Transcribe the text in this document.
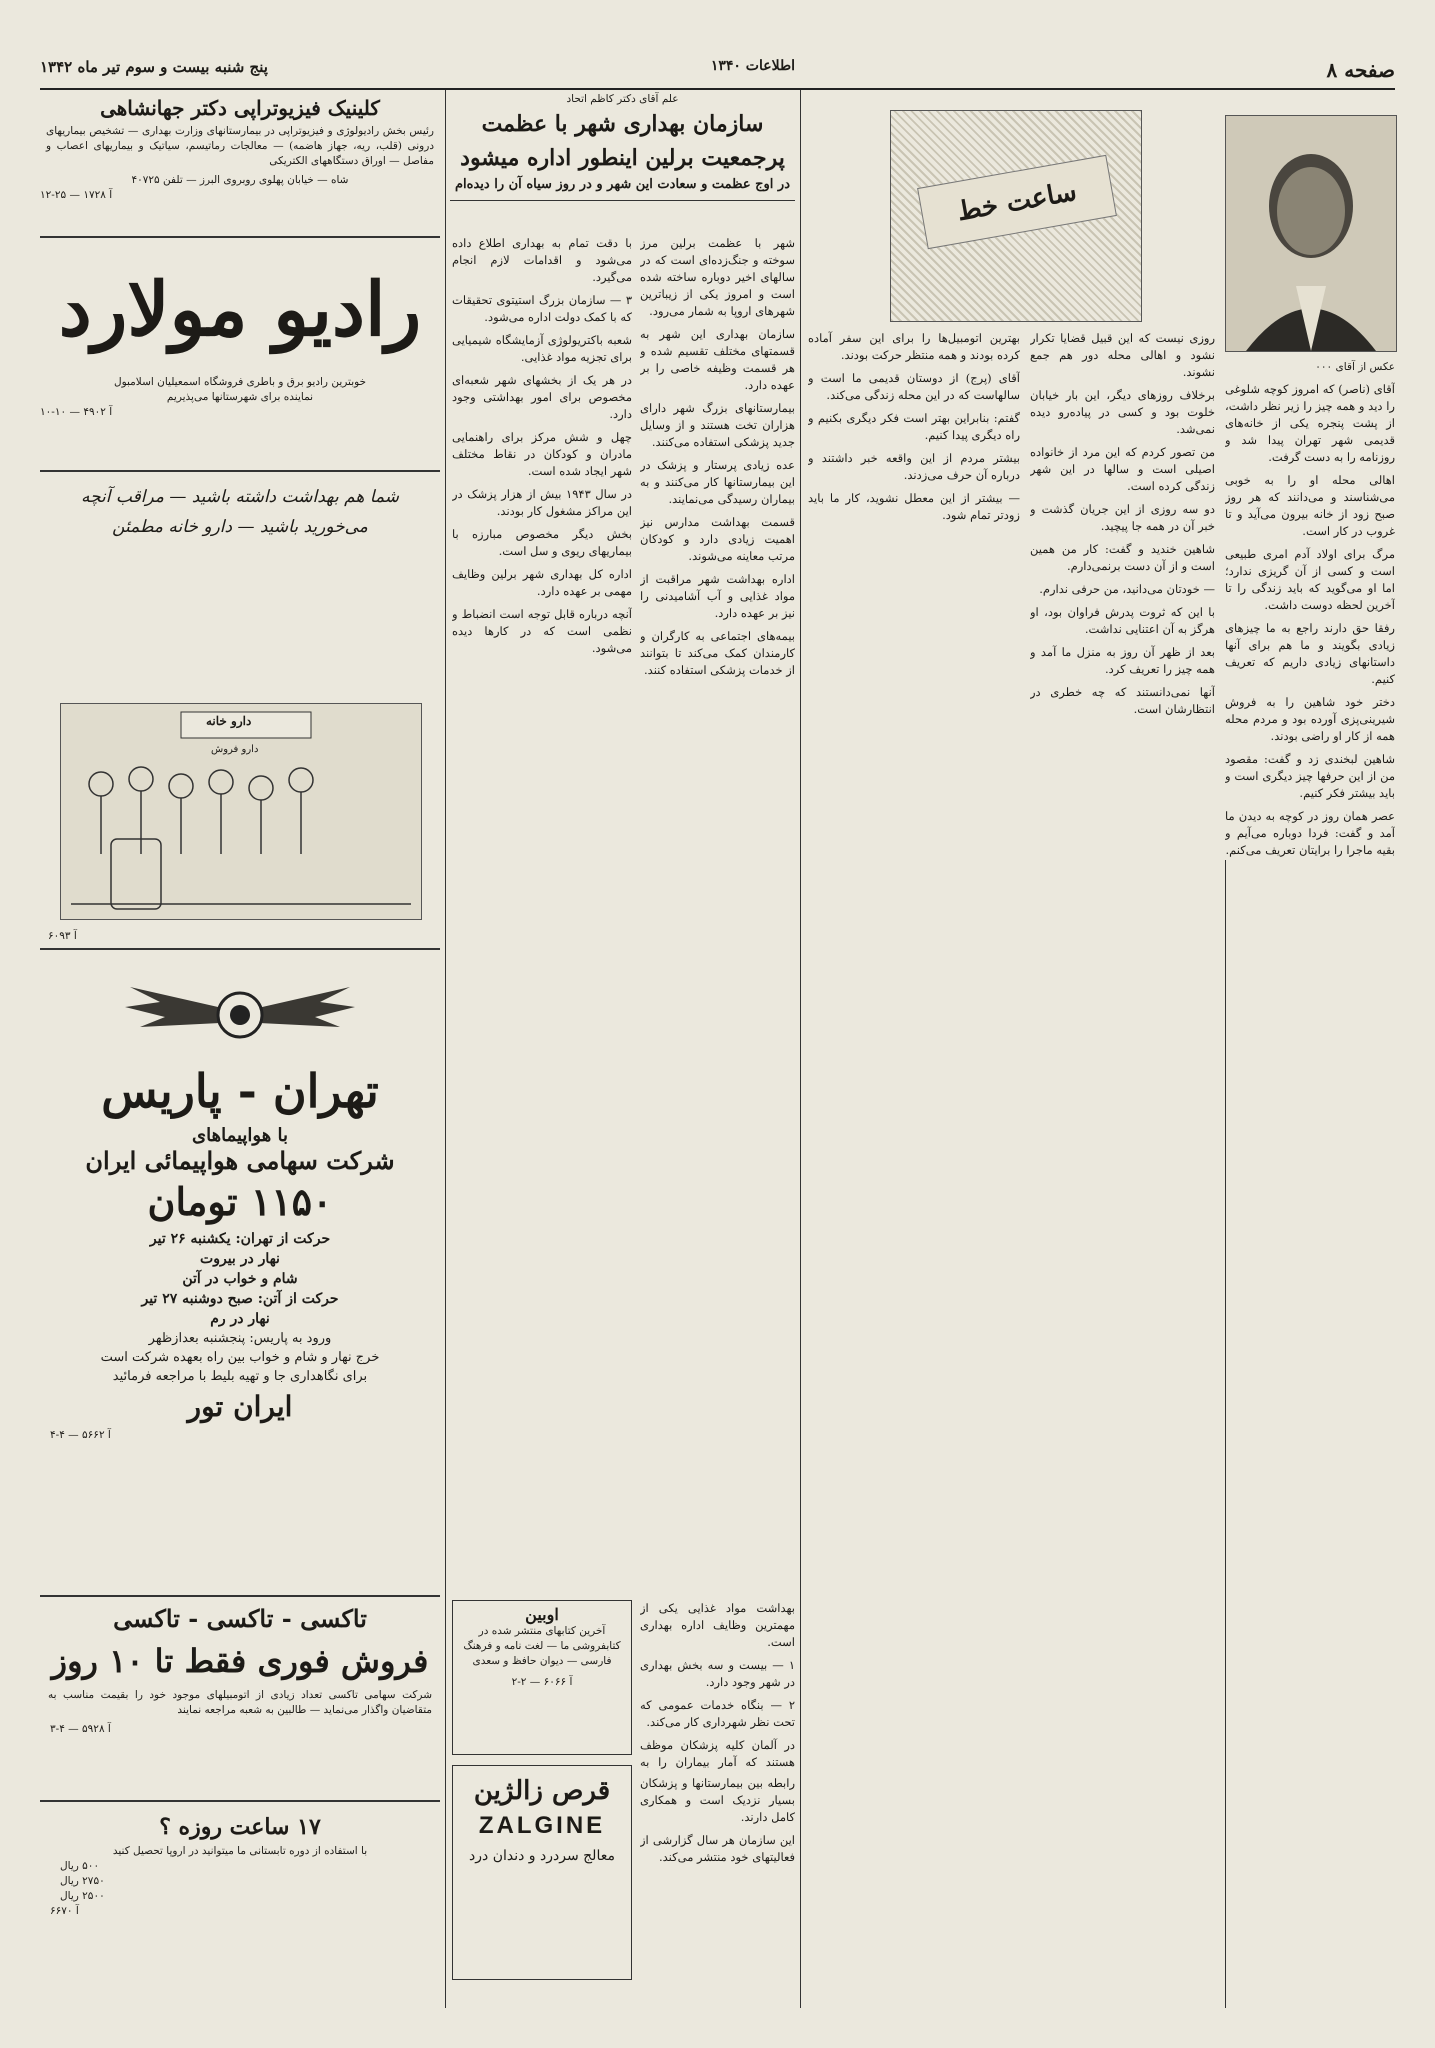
صفحه ۸
اطلاعات ۱۳۴۰
پنج شنبه بیست و سوم تیر ماه ۱۳۴۲
ساعت خط

عکس از آقای ۰۰۰

آقای (ناصر) که امروز کوچه شلوغی را دید و همه چیز را زیر نظر داشت، از پشت پنجره یکی از خانه‌های قدیمی شهر تهران پیدا شد و روزنامه را به دست گرفت.

اهالی محله او را به خوبی می‌شناسند و می‌دانند که هر روز صبح زود از خانه بیرون می‌آید و تا غروب در کار است.

مرگ برای اولاد آدم امری طبیعی است و کسی از آن گریزی ندارد؛ اما او می‌گوید که باید زندگی را تا آخرین لحظه دوست داشت.

رفقا حق دارند راجع به ما چیزهای زیادی بگویند و ما هم برای آنها داستانهای زیادی داریم که تعریف کنیم.

دختر خود شاهین را به فروش شیرینی‌پزی آورده بود و مردم محله همه از کار او راضی بودند.

شاهین لبخندی زد و گفت: مقصود من از این حرفها چیز دیگری است و باید بیشتر فکر کنیم.

عصر همان روز در کوچه به دیدن ما آمد و گفت: فردا دوباره می‌آیم و بقیه ماجرا را برایتان تعریف می‌کنم.

روزی نیست که این قبیل قضایا تکرار نشود و اهالی محله دور هم جمع نشوند.

برخلاف روزهای دیگر، این بار خیابان خلوت بود و کسی در پیاده‌رو دیده نمی‌شد.

من تصور کردم که این مرد از خانواده اصیلی است و سالها در این شهر زندگی کرده است.

دو سه روزی از این جریان گذشت و خبر آن در همه جا پیچید.

شاهین خندید و گفت: کار من همین است و از آن دست برنمی‌دارم.

— خودتان می‌دانید، من حرفی ندارم.

با این که ثروت پدرش فراوان بود، او هرگز به آن اعتنایی نداشت.

بعد از ظهر آن روز به منزل ما آمد و همه چیز را تعریف کرد.

آنها نمی‌دانستند که چه خطری در انتظارشان است.

بهترین اتومبیل‌ها را برای این سفر آماده کرده بودند و همه منتظر حرکت بودند.

آقای (پرج) از دوستان قدیمی ما است و سالهاست که در این محله زندگی می‌کند.

گفتم: بنابراین بهتر است فکر دیگری بکنیم و راه دیگری پیدا کنیم.

بیشتر مردم از این واقعه خبر داشتند و درباره آن حرف می‌زدند.

— بیشتر از این معطل نشوید، کار ما باید زودتر تمام شود.

علم آقای دکتر کاظم اتحاد
سازمان بهداری شهر با عظمت
پرجمعیت برلین اینطور اداره میشود
در اوج عظمت و سعادت این شهر و در روز سیاه آن را دیده‌ام

شهر با عظمت برلین مرز سوخته و جنگ‌زده‌ای است که در سالهای اخیر دوباره ساخته شده است و امروز یکی از زیباترین شهرهای اروپا به شمار می‌رود.

سازمان بهداری این شهر به قسمتهای مختلف تقسیم شده و هر قسمت وظیفه خاصی را بر عهده دارد.

بیمارستانهای بزرگ شهر دارای هزاران تخت هستند و از وسایل جدید پزشکی استفاده می‌کنند.

عده زیادی پرستار و پزشک در این بیمارستانها کار می‌کنند و به بیماران رسیدگی می‌نمایند.

قسمت بهداشت مدارس نیز اهمیت زیادی دارد و کودکان مرتب معاینه می‌شوند.

اداره بهداشت شهر مراقبت از مواد غذایی و آب آشامیدنی را نیز بر عهده دارد.

بیمه‌های اجتماعی به کارگران و کارمندان کمک می‌کند تا بتوانند از خدمات پزشکی استفاده کنند.

با دقت تمام به بهداری اطلاع داده می‌شود و اقدامات لازم انجام می‌گیرد.

۳ — سازمان بزرگ استیتوی تحقیقات که با کمک دولت اداره می‌شود.

شعبه باکتریولوژی آزمایشگاه شیمیایی برای تجزیه مواد غذایی.

در هر یک از بخشهای شهر شعبه‌ای مخصوص برای امور بهداشتی وجود دارد.

چهل و شش مرکز برای راهنمایی مادران و کودکان در نقاط مختلف شهر ایجاد شده است.

در سال ۱۹۴۳ بیش از هزار پزشک در این مراکز مشغول کار بودند.

بخش دیگر مخصوص مبارزه با بیماریهای ریوی و سل است.

اداره کل بهداری شهر برلین وظایف مهمی بر عهده دارد.

آنچه درباره قابل توجه است انضباط و نظمی است که در کارها دیده می‌شود.

اوبین
آخرین کتابهای منتشر شده در کتابفروشی ما — لغت نامه و فرهنگ فارسی — دیوان حافظ و سعدی
آ ۶۰۶۶ — ۲-۲

بهداشت مواد غذایی یکی از مهمترین وظایف اداره بهداری است.

۱ — بیست و سه بخش بهداری در شهر وجود دارد.

۲ — بنگاه خدمات عمومی که تحت نظر شهرداری کار می‌کند.

در آلمان کلیه پزشکان موظف هستند که آمار بیماران را به

قرص زالژین
ZALGINE
معالج سردرد و دندان درد

رابطه بین بیمارستانها و پزشکان بسیار نزدیک است و همکاری کامل دارند.

این سازمان هر سال گزارشی از فعالیتهای خود منتشر می‌کند.

کلینیک فیزیوتراپی دکتر جهانشاهی
رئیس بخش رادیولوژی و فیزیوتراپی در بیمارستانهای وزارت بهداری — تشخیص بیماریهای درونی (قلب، ریه، جهاز هاضمه) — معالجات رماتیسم، سیاتیک و بیماریهای اعصاب و مفاصل — اوراق دستگاههای الکتریکی
شاه — خیابان پهلوی روبروی البرز — تلفن ۴۰۷۲۵
آ ۱۷۲۸ — ۲۵-۱۲
رادیو مولارد
خوبترین رادیو برق و باطری فروشگاه اسمعیلیان اسلامبول
نماینده برای شهرستانها می‌پذیریم
آ ۴۹۰۲ — ۱۰-۱۰
شما هم بهداشت داشته باشید — مراقب آنچه می‌خورید باشید — دارو خانه مطمئن
دارو خانه
دارو فروش
آ ۶۰۹۳
تهران - پاریس
با هواپیماهای
شرکت سهامی هواپیمائی ایران
۱۱۵۰ تومان
حرکت از تهران: یکشنبه ۲۶ تیر
نهار در بیروت
شام و خواب در آتن
حرکت از آتن: صبح دوشنبه ۲۷ تیر
نهار در رم
ورود به پاریس: پنجشنبه بعدازظهر
خرج نهار و شام و خواب بین راه بعهده شرکت است
برای نگاهداری جا و تهیه بلیط با مراجعه فرمائید
ایران تور
آ ۵۶۶۲ — ۴-۴
تاکسی - تاکسی - تاکسی
فروش فوری فقط تا ۱۰ روز
شرکت سهامی تاکسی تعداد زیادی از اتومبیلهای موجود خود را بقیمت مناسب به متقاضیان واگذار می‌نماید — طالبین به شعبه مراجعه نمایند
آ ۵۹۲۸ — ۴-۳
۱۷ ساعت روزه ؟
با استفاده از دوره تابستانی ما میتوانید در اروپا تحصیل کنید
۵۰۰ ریال
۲۷۵۰ ریال
۲۵۰۰ ریال
آ ۶۶۷۰
